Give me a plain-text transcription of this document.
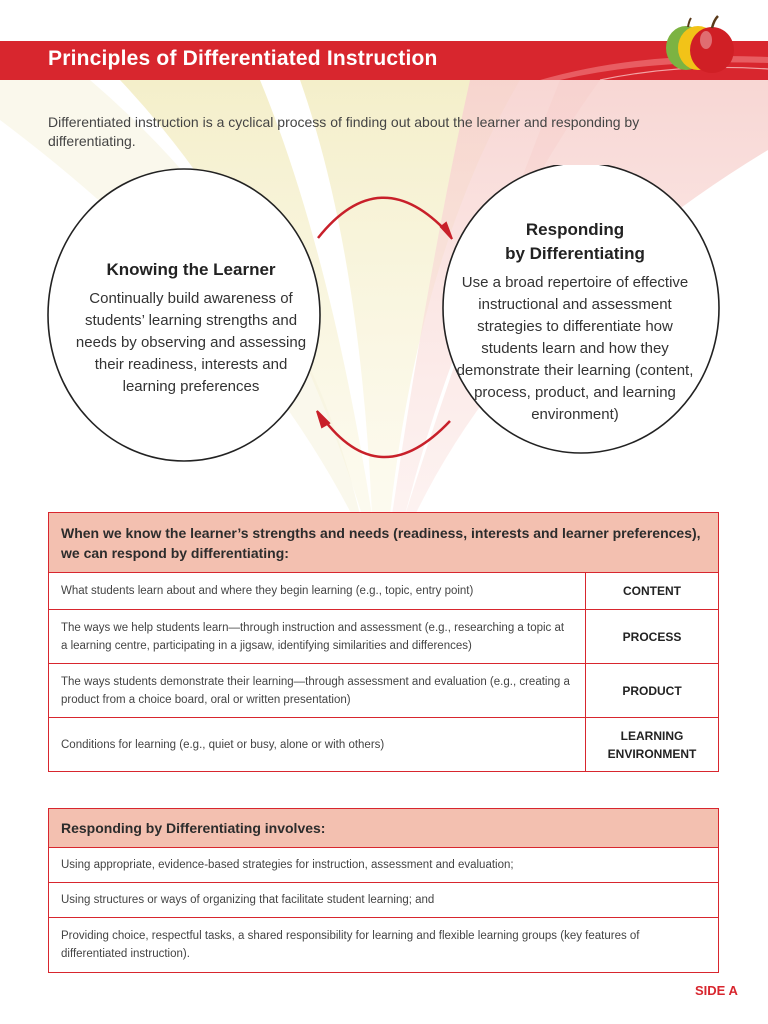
Principles of Differentiated Instruction
Differentiated instruction is a cyclical process of finding out about the learner and responding by differentiating.
Knowing the Learner
Continually build awareness of students’ learning strengths and needs by observing and assessing their readiness, interests and learning preferences
Responding
by Differentiating
Use a broad repertoire of effective instructional and assessment strategies to differentiate how students learn and how they demonstrate their learning (content, process, product, and learning environment)
When we know the learner’s strengths and needs (readiness, interests and learner preferences), we can respond by differentiating:	
What students learn about and where they begin learning (e.g., topic, entry point)	CONTENT

The ways we help students learn—through instruction and assessment (e.g., researching a topic at a learning centre, participating in a jigsaw, identifying similarities and differences)	PROCESS

The ways students demonstrate their learning—through assessment and evaluation (e.g., creating a product from a choice board, oral or written presentation)	PRODUCT

Conditions for learning (e.g., quiet or busy, alone or with others)	LEARNING
ENVIRONMENT
Responding by Differentiating involves:
Using appropriate, evidence-based strategies for instruction, assessment and evaluation;
Using structures or ways of organizing that facilitate student learning; and
Providing choice, respectful tasks, a shared responsibility for learning and flexible learning groups (key features of differentiated instruction).
SIDE A
